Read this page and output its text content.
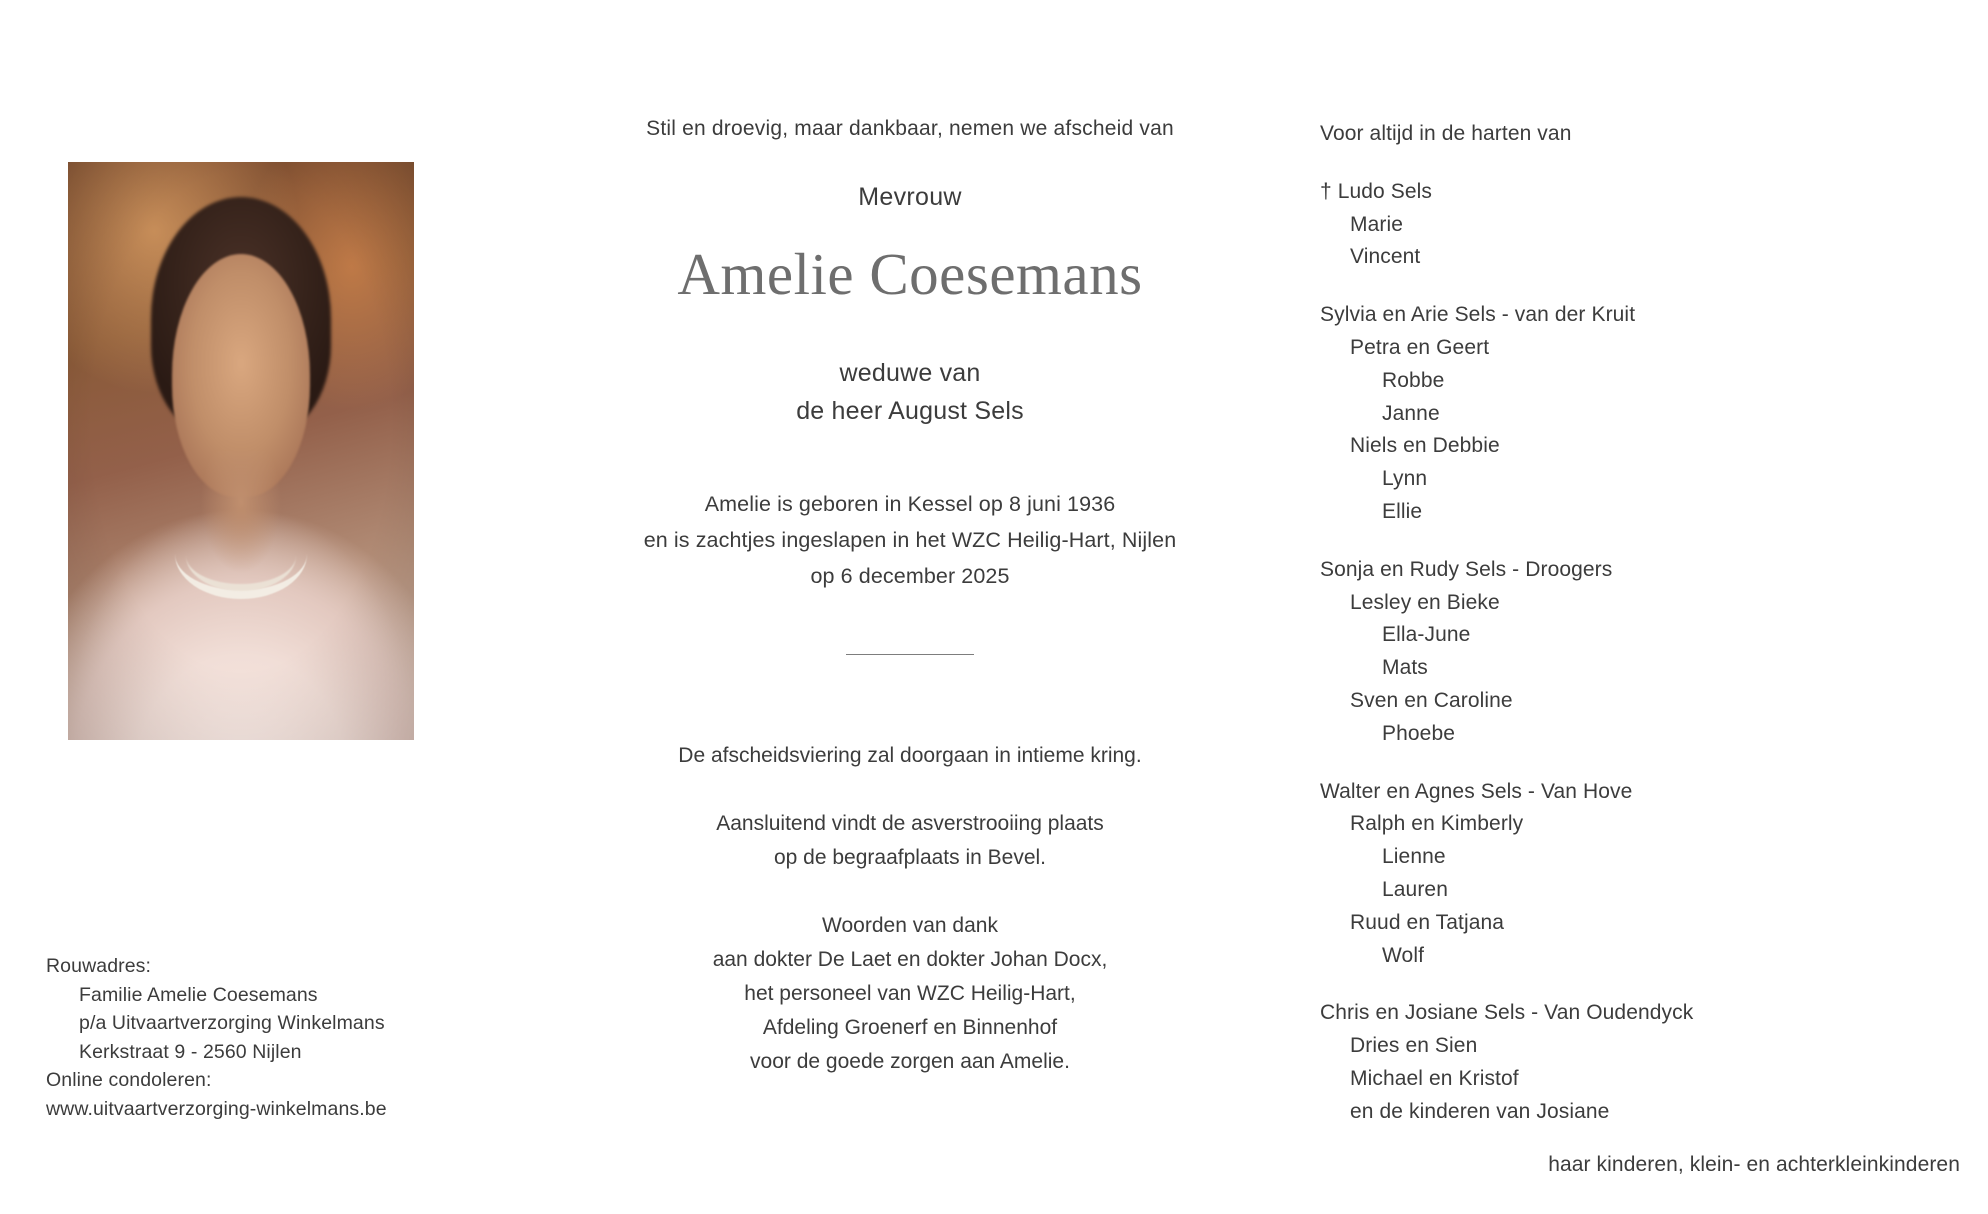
Rouwadres:
Familie Amelie Coesemans
p/a Uitvaartverzorging Winkelmans
Kerkstraat 9 - 2560 Nijlen
Online condoleren:
www.uitvaartverzorging-winkelmans.be
Stil en droevig, maar dankbaar, nemen we afscheid van
Mevrouw
Amelie Coesemans
weduwe van
de heer August Sels
Amelie is geboren in Kessel op 8 juni 1936
en is zachtjes ingeslapen in het WZC Heilig-Hart, Nijlen
op 6 december 2025
De afscheidsviering zal doorgaan in intieme kring.
Aansluitend vindt de asverstrooiing plaats
op de begraafplaats in Bevel.
Woorden van dank
aan dokter De Laet en dokter Johan Docx,
het personeel van WZC Heilig-Hart,
Afdeling Groenerf en Binnenhof
voor de goede zorgen aan Amelie.
Voor altijd in de harten van
† Ludo Sels
Marie
Vincent
Sylvia en Arie Sels - van der Kruit
Petra en Geert
Robbe
Janne
Niels en Debbie
Lynn
Ellie
Sonja en Rudy Sels - Droogers
Lesley en Bieke
Ella-June
Mats
Sven en Caroline
Phoebe
Walter en Agnes Sels - Van Hove
Ralph en Kimberly
Lienne
Lauren
Ruud en Tatjana
Wolf
Chris en Josiane Sels - Van Oudendyck
Dries en Sien
Michael en Kristof
en de kinderen van Josiane
haar kinderen, klein- en achterkleinkinderen
